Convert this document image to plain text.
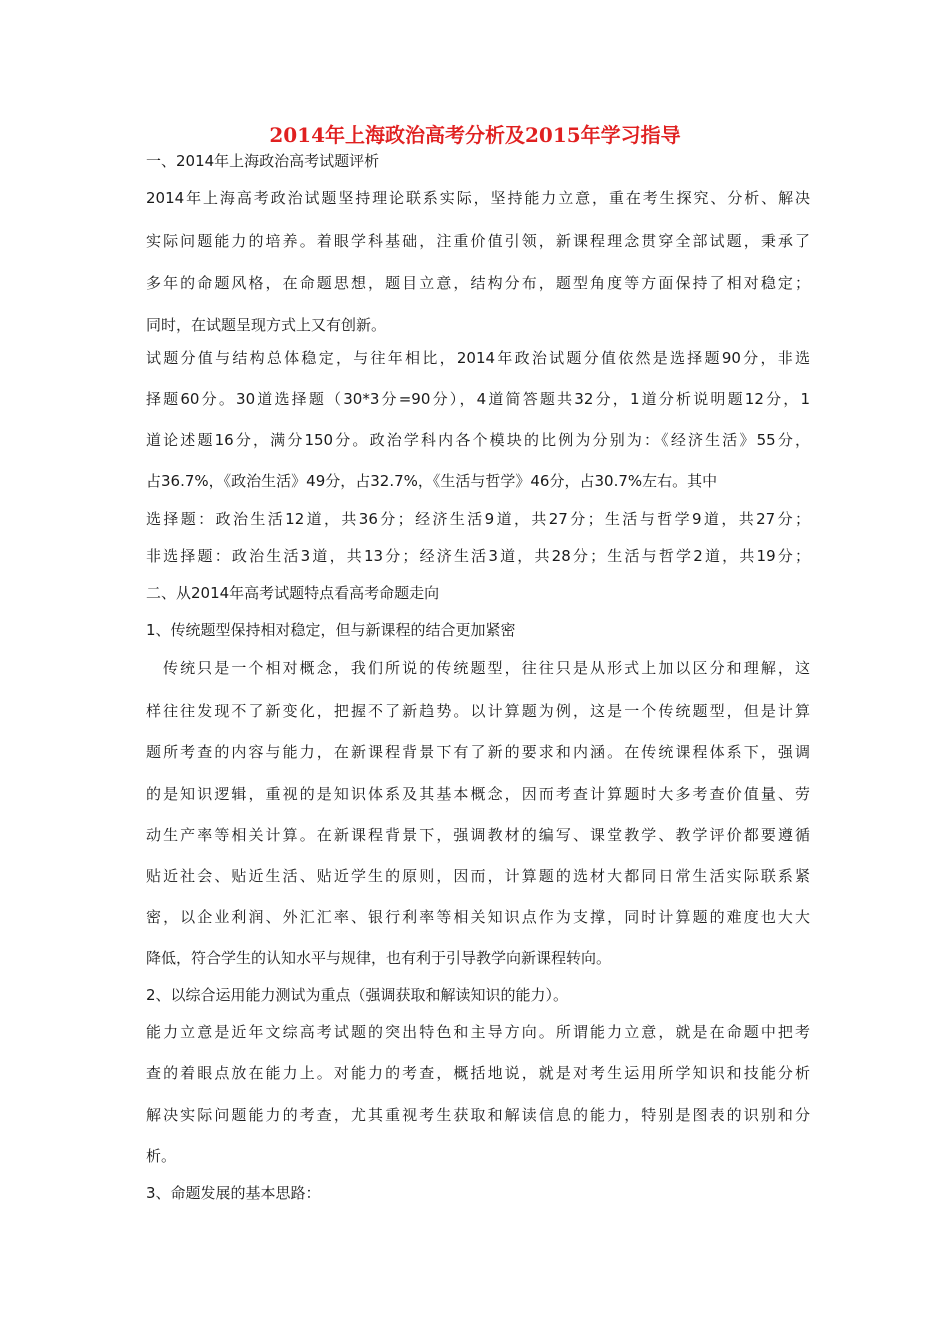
2014年上海政治高考分析及2015年学习指导
一、2014年上海政治高考试题评析
2014年上海高考政治试题坚持理论联系实际，坚持能力立意，重在考生探究、分析、解决
实际问题能力的培养。着眼学科基础，注重价值引领，新课程理念贯穿全部试题，秉承了
多年的命题风格，在命题思想，题目立意，结构分布，题型角度等方面保持了相对稳定；
同时，在试题呈现方式上又有创新。
试题分值与结构总体稳定，与往年相比，2014年政治试题分值依然是选择题90分，非选
择题60分。30道选择题（30*3分=90分），4道简答题共32分，1道分析说明题12分，1
道论述题16分，满分150分。政治学科内各个模块的比例为分别为：《经济生活》55分，
占36.7%，《政治生活》49分，占32.7%，《生活与哲学》46分，占30.7%左右。其中
选择题：政治生活12道，共36分；经济生活9道，共27分；生活与哲学9道，共27分；
非选择题：政治生活3道，共13分；经济生活3道，共28分；生活与哲学2道，共19分；
二、从2014年高考试题特点看高考命题走向
1、传统题型保持相对稳定，但与新课程的结合更加紧密
传统只是一个相对概念，我们所说的传统题型，往往只是从形式上加以区分和理解，这
样往往发现不了新变化，把握不了新趋势。以计算题为例，这是一个传统题型，但是计算
题所考查的内容与能力，在新课程背景下有了新的要求和内涵。在传统课程体系下，强调
的是知识逻辑，重视的是知识体系及其基本概念，因而考查计算题时大多考查价值量、劳
动生产率等相关计算。在新课程背景下，强调教材的编写、课堂教学、教学评价都要遵循
贴近社会、贴近生活、贴近学生的原则，因而，计算题的选材大都同日常生活实际联系紧
密，以企业利润、外汇汇率、银行利率等相关知识点作为支撑，同时计算题的难度也大大
降低，符合学生的认知水平与规律，也有利于引导教学向新课程转向。
2、以综合运用能力测试为重点（强调获取和解读知识的能力）。
能力立意是近年文综高考试题的突出特色和主导方向。所谓能力立意，就是在命题中把考
查的着眼点放在能力上。对能力的考查，概括地说，就是对考生运用所学知识和技能分析
解决实际问题能力的考查，尤其重视考生获取和解读信息的能力，特别是图表的识别和分
析。
3、命题发展的基本思路：
